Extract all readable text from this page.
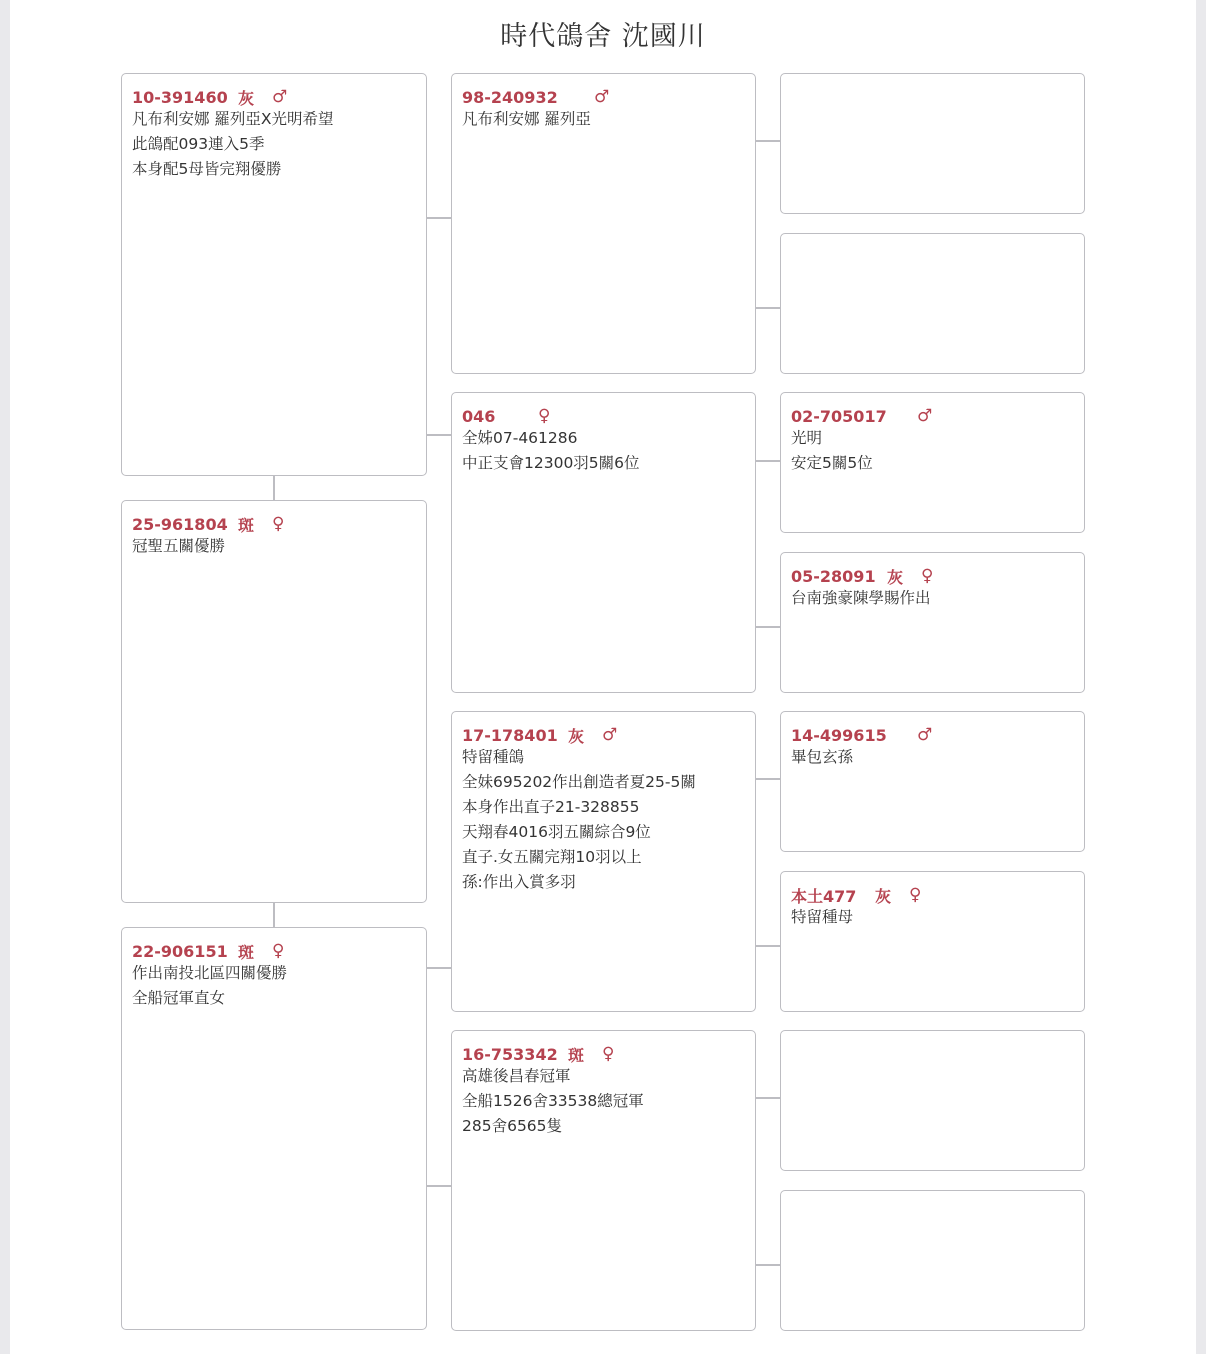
時代鴿舍 沈國川
10-391460 灰	♂
凡布利安娜 羅列亞X光明希望
此鴿配093連入5季
本身配5母皆完翔優勝
25-961804 斑	♀
冠聖五關優勝
22-906151 斑	♀
作出南投北區四關優勝
全船冠軍直女
98-240932	♂
凡布利安娜 羅列亞
046	♀
全姊07-461286
中正支會12300羽5關6位
17-178401 灰	♂
特留種鴿
全妹695202作出創造者夏25-5關
本身作出直子21-328855
天翔春4016羽五關綜合9位
直子.女五關完翔10羽以上
孫:作出入賞多羽
16-753342 斑	♀
高雄後昌春冠軍
全船1526舍33538總冠軍
285舍6565隻
02-705017	♂
光明
安定5關5位
05-28091 灰	♀
台南強豪陳學賜作出
14-499615	♂
畢包玄孫
本土477	灰	♀
特留種母
